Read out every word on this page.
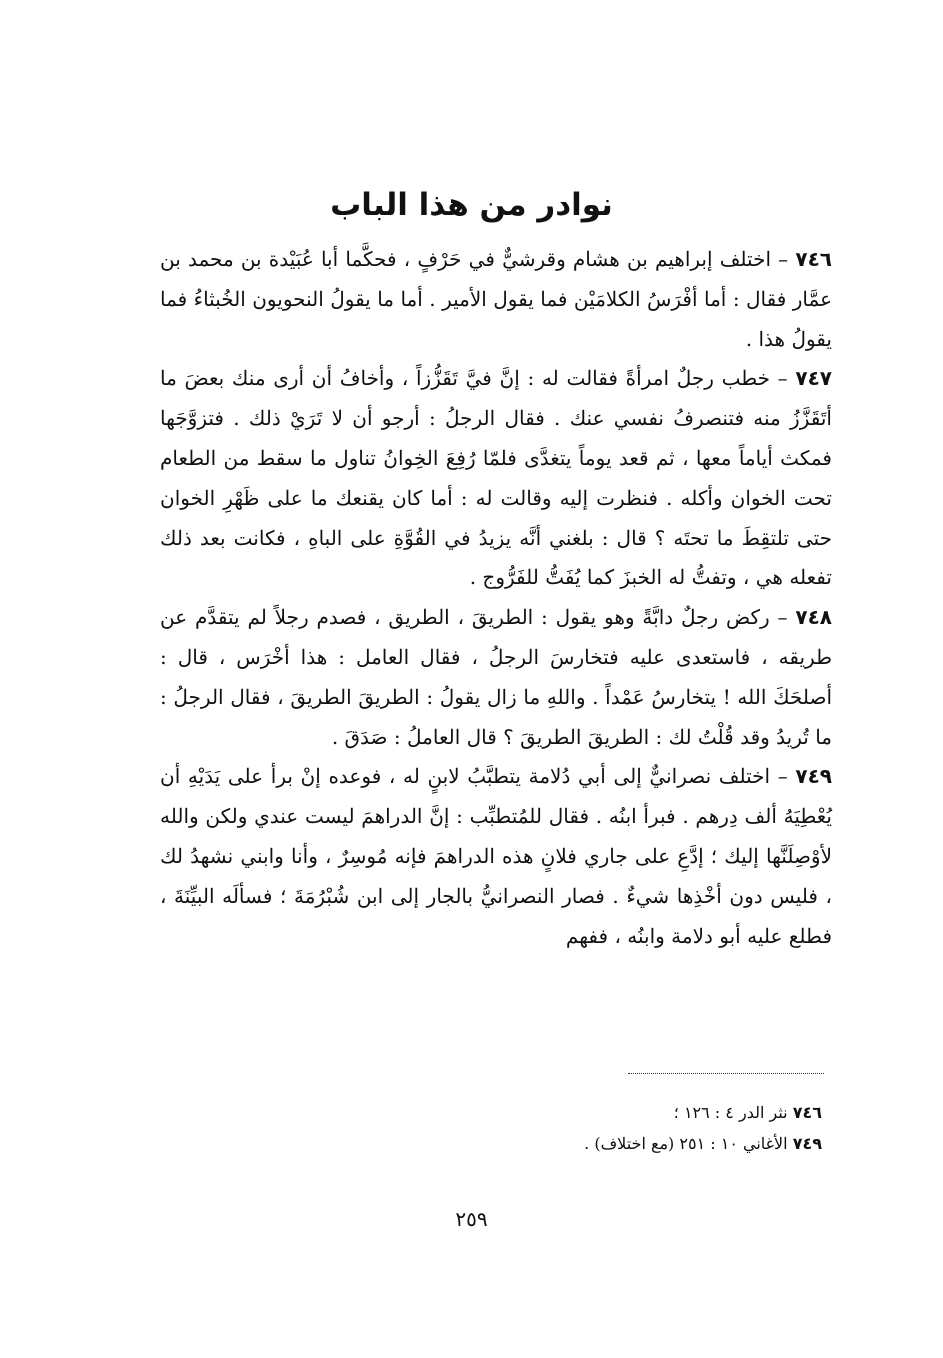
نوادر من هذا الباب

٧٤٦ – اختلف إبراهيم بن هشام وقرشيٌّ في حَرْفٍ ، فحكَّما أبا عُبَيْدة بن محمد بن عمَّار فقال : أما أفْرَسُ الكلامَيْن فما يقول الأمير . أما ما يقولُ النحويون الخُبثاءُ فما يقولُ هذا .

٧٤٧ – خطب رجلٌ امرأةً فقالت له : إنَّ فيَّ تَقَزُّزاً ، وأخافُ أن أرى منك بعضَ ما أتَقَزَّزُ منه فتنصرفُ نفسي عنك . فقال الرجلُ : أرجو أن لا تَرَيْ ذلك . فتزوَّجَها فمكث أياماً معها ، ثم قعد يوماً يتغدَّى فلمّا رُفِعَ الخِوانُ تناول ما سقط من الطعام تحت الخوان وأكله . فنظرت إليه وقالت له : أما كان يقنعك ما على ظَهْرِ الخوان حتى تلتقِطَ ما تحتَه ؟ قال : بلغني أنَّه يزيدُ في القُوَّةِ على الباهِ ، فكانت بعد ذلك تفعله هي ، وتفتُّ له الخبزَ كما يُفَتُّ للفَرُّوج .

٧٤٨ – ركض رجلٌ دابَّةً وهو يقول : الطريقَ ، الطريق ، فصدم رجلاً لم يتقدَّم عن طريقه ، فاستعدى عليه فتخارسَ الرجلُ ، فقال العامل : هذا أخْرَس ، قال : أصلحَكَ الله ! يتخارسُ عَمْداً . واللهِ ما زال يقولُ : الطريقَ الطريقَ ، فقال الرجلُ : ما تُريدُ وقد قُلْتُ لك : الطريقَ الطريقَ ؟ قال العاملُ : صَدَقَ .

٧٤٩ – اختلف نصرانيٌّ إلى أبي دُلامة يتطبَّبُ لابنٍ له ، فوعده إنْ برأ على يَدَيْهِ أن يُعْطِيَهُ ألف دِرهم . فبرأ ابنُه . فقال للمُتطبِّب : إنَّ الدراهمَ ليست عندي ولكن والله لأوْصِلَنَّها إليك ؛ إدَّعِ على جاري فلانٍ هذه الدراهمَ فإنه مُوسِرٌ ، وأنا وابني نشهدُ لك ، فليس دون أخْذِها شيءٌ . فصار النصرانيُّ بالجار إلى ابن شُبْرُمَةَ ؛ فسألَه البيِّنَةَ ، فطلع عليه أبو دلامة وابنُه ، ففهم

٧٤٦ نثر الدر ٤ : ١٢٦ ؛

٧٤٩ الأغاني ١٠ : ٢٥١ (مع اختلاف) .

٢٥٩
